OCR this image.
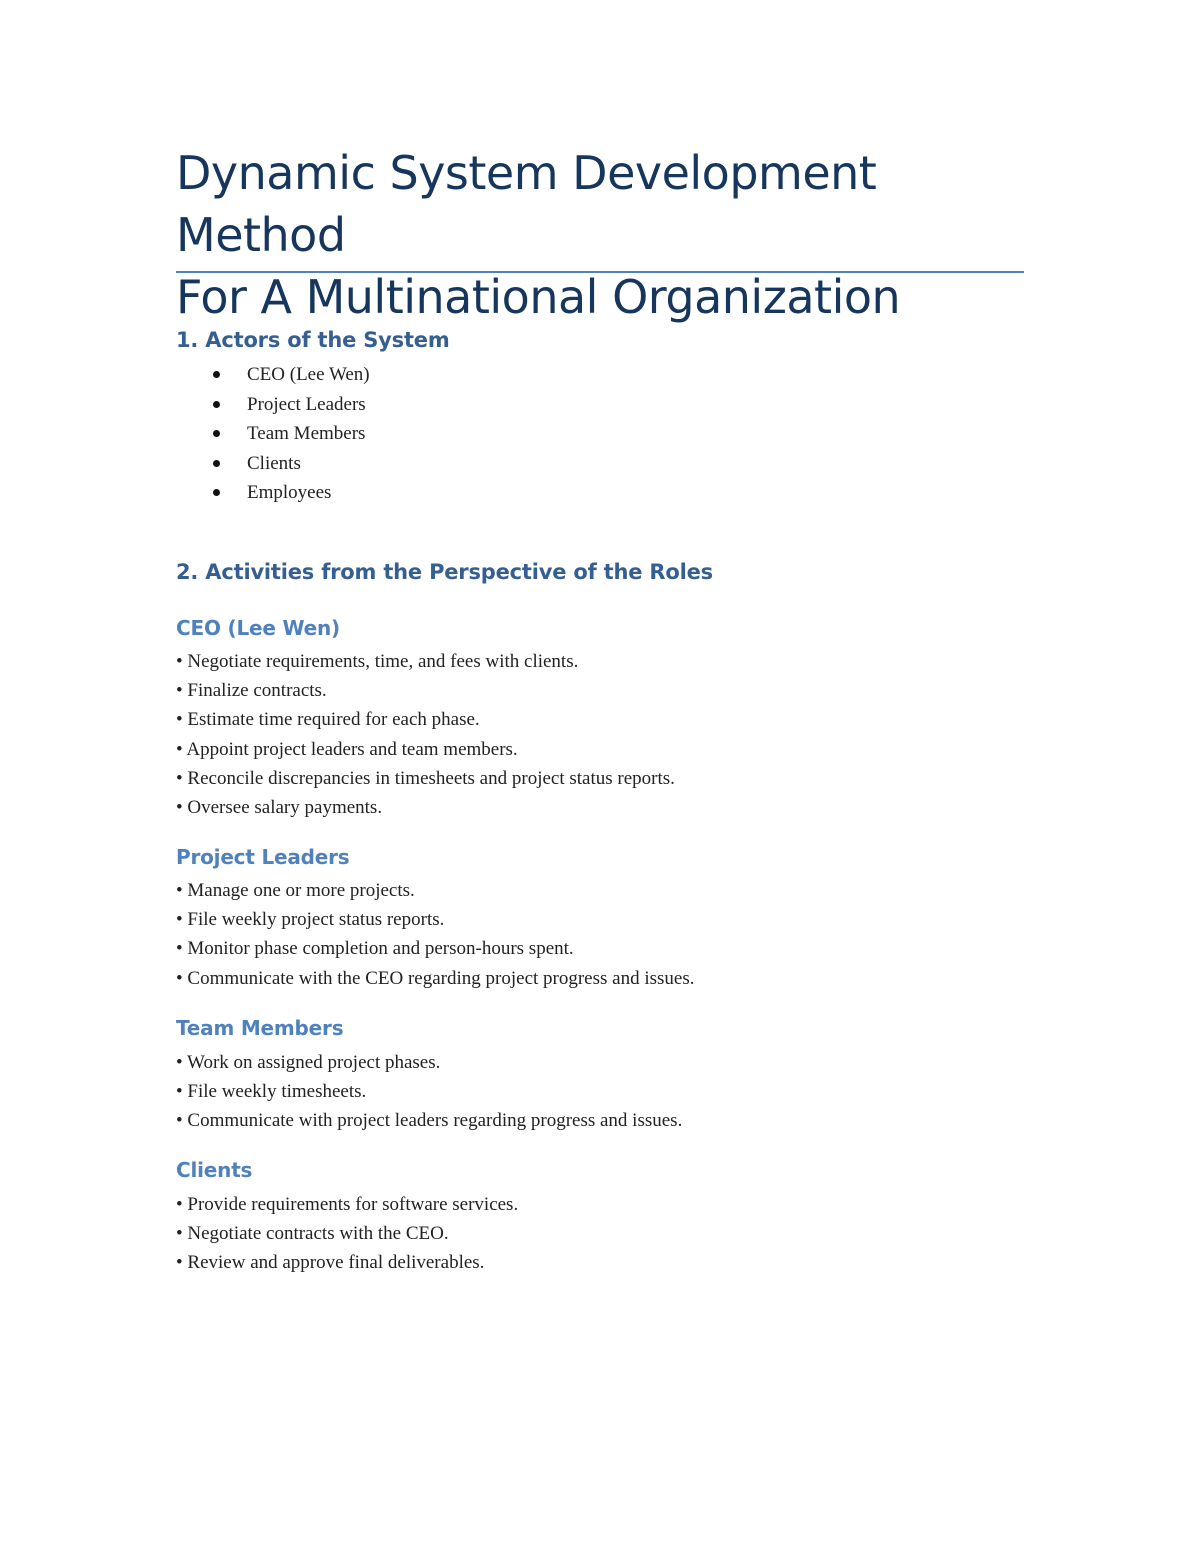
Dynamic System Development Method
For A Multinational Organization
1. Actors of the System
CEO (Lee Wen)
Project Leaders
Team Members
Clients
Employees
2. Activities from the Perspective of the Roles
CEO (Lee Wen)
• Negotiate requirements, time, and fees with clients.
• Finalize contracts.
• Estimate time required for each phase.
• Appoint project leaders and team members.
• Reconcile discrepancies in timesheets and project status reports.
• Oversee salary payments.
Project Leaders
• Manage one or more projects.
• File weekly project status reports.
• Monitor phase completion and person-hours spent.
• Communicate with the CEO regarding project progress and issues.
Team Members
• Work on assigned project phases.
• File weekly timesheets.
• Communicate with project leaders regarding progress and issues.
Clients
• Provide requirements for software services.
• Negotiate contracts with the CEO.
• Review and approve final deliverables.
